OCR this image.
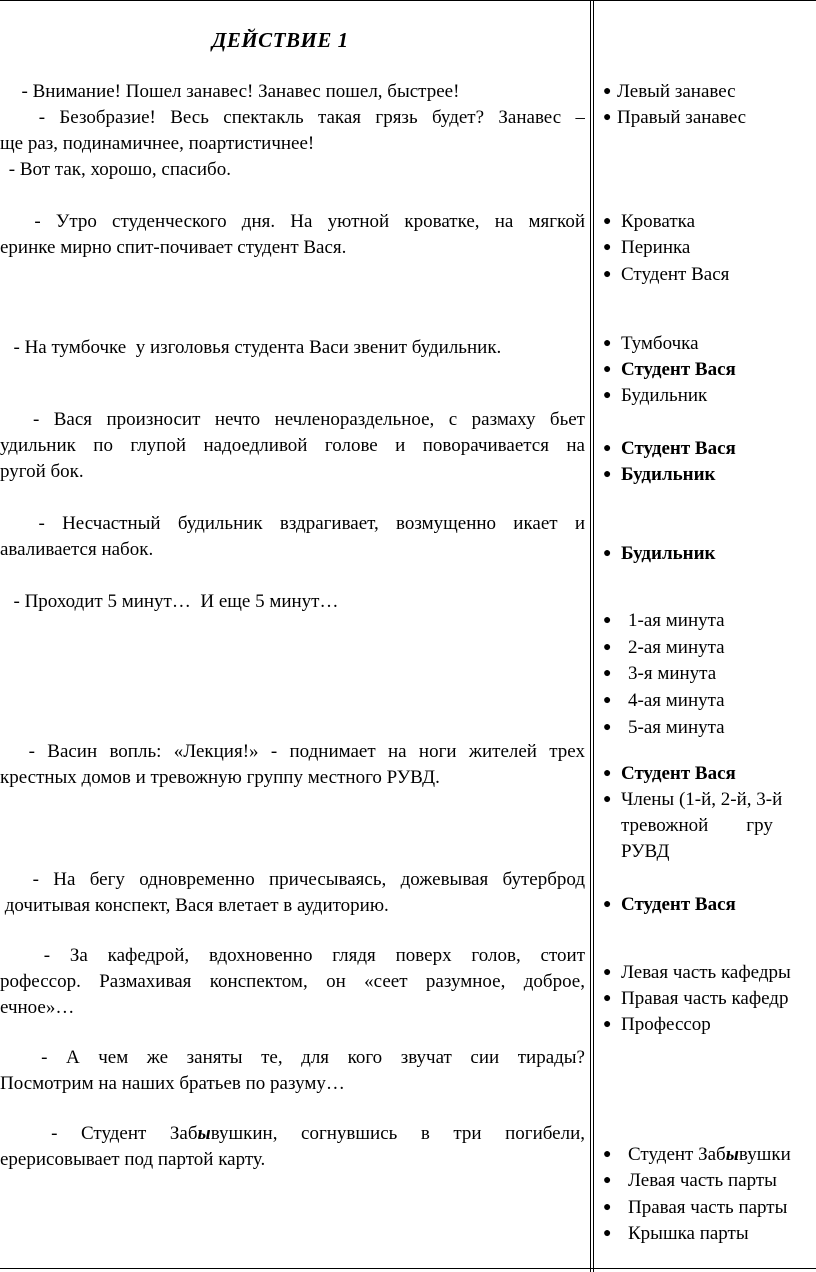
ДЕЙСТВИЕ 1
- Внимание! Пошел занавес! Занавес пошел, быстрее!
- Безобразие! Весь спектакль такая грязь будет? Занавес –
ще раз, подинамичнее, поартистичнее!
- Вот так, хорошо, спасибо.
- Утро студенческого дня. На уютной кроватке, на мягкой
еринке мирно спит-почивает студент Вася.
- На тумбочке  у изголовья студента Васи звенит будильник.
- Вася произносит нечто нечленораздельное, с размаху бьет
удильник по глупой надоедливой голове и поворачивается на
ругой бок.
- Несчастный будильник вздрагивает, возмущенно икает и
аваливается набок.
- Проходит 5 минут…  И еще 5 минут…
- Васин вопль: «Лекция!» - поднимает на ноги жителей трех
крестных домов и тревожную группу местного РУВД.
- На бегу одновременно причесываясь, дожевывая бутерброд
дочитывая конспект, Вася влетает в аудиторию.
- За кафедрой, вдохновенно глядя поверх голов, стоит
рофессор. Размахивая конспектом, он «сеет разумное, доброе,
ечное»…
- А чем же заняты те, для кого звучат сии тирады?
Посмотрим на наших братьев по разуму…
- Студент Забывушкин, согнувшись в три погибели,
ерерисовывает под партой карту.
● Левый занавес
● Правый занавес
● Кроватка
● Перинка
● Студент Вася
● Тумбочка
● Студент Вася
● Будильник
● Студент Вася
● Будильник
● Будильник
● 1-ая минута
● 2-ая минута
● 3-я минута
● 4-ая минута
● 5-ая минута
● Студент Вася
● Члены (1-й, 2-й, 3-й
● Студент Вася
● Левая часть кафедры
● Правая часть кафедр
● Профессор
● Студент Забывушки
● Левая часть парты
● Правая часть парты
● Крышка парты
тревожной        гру
РУВД
